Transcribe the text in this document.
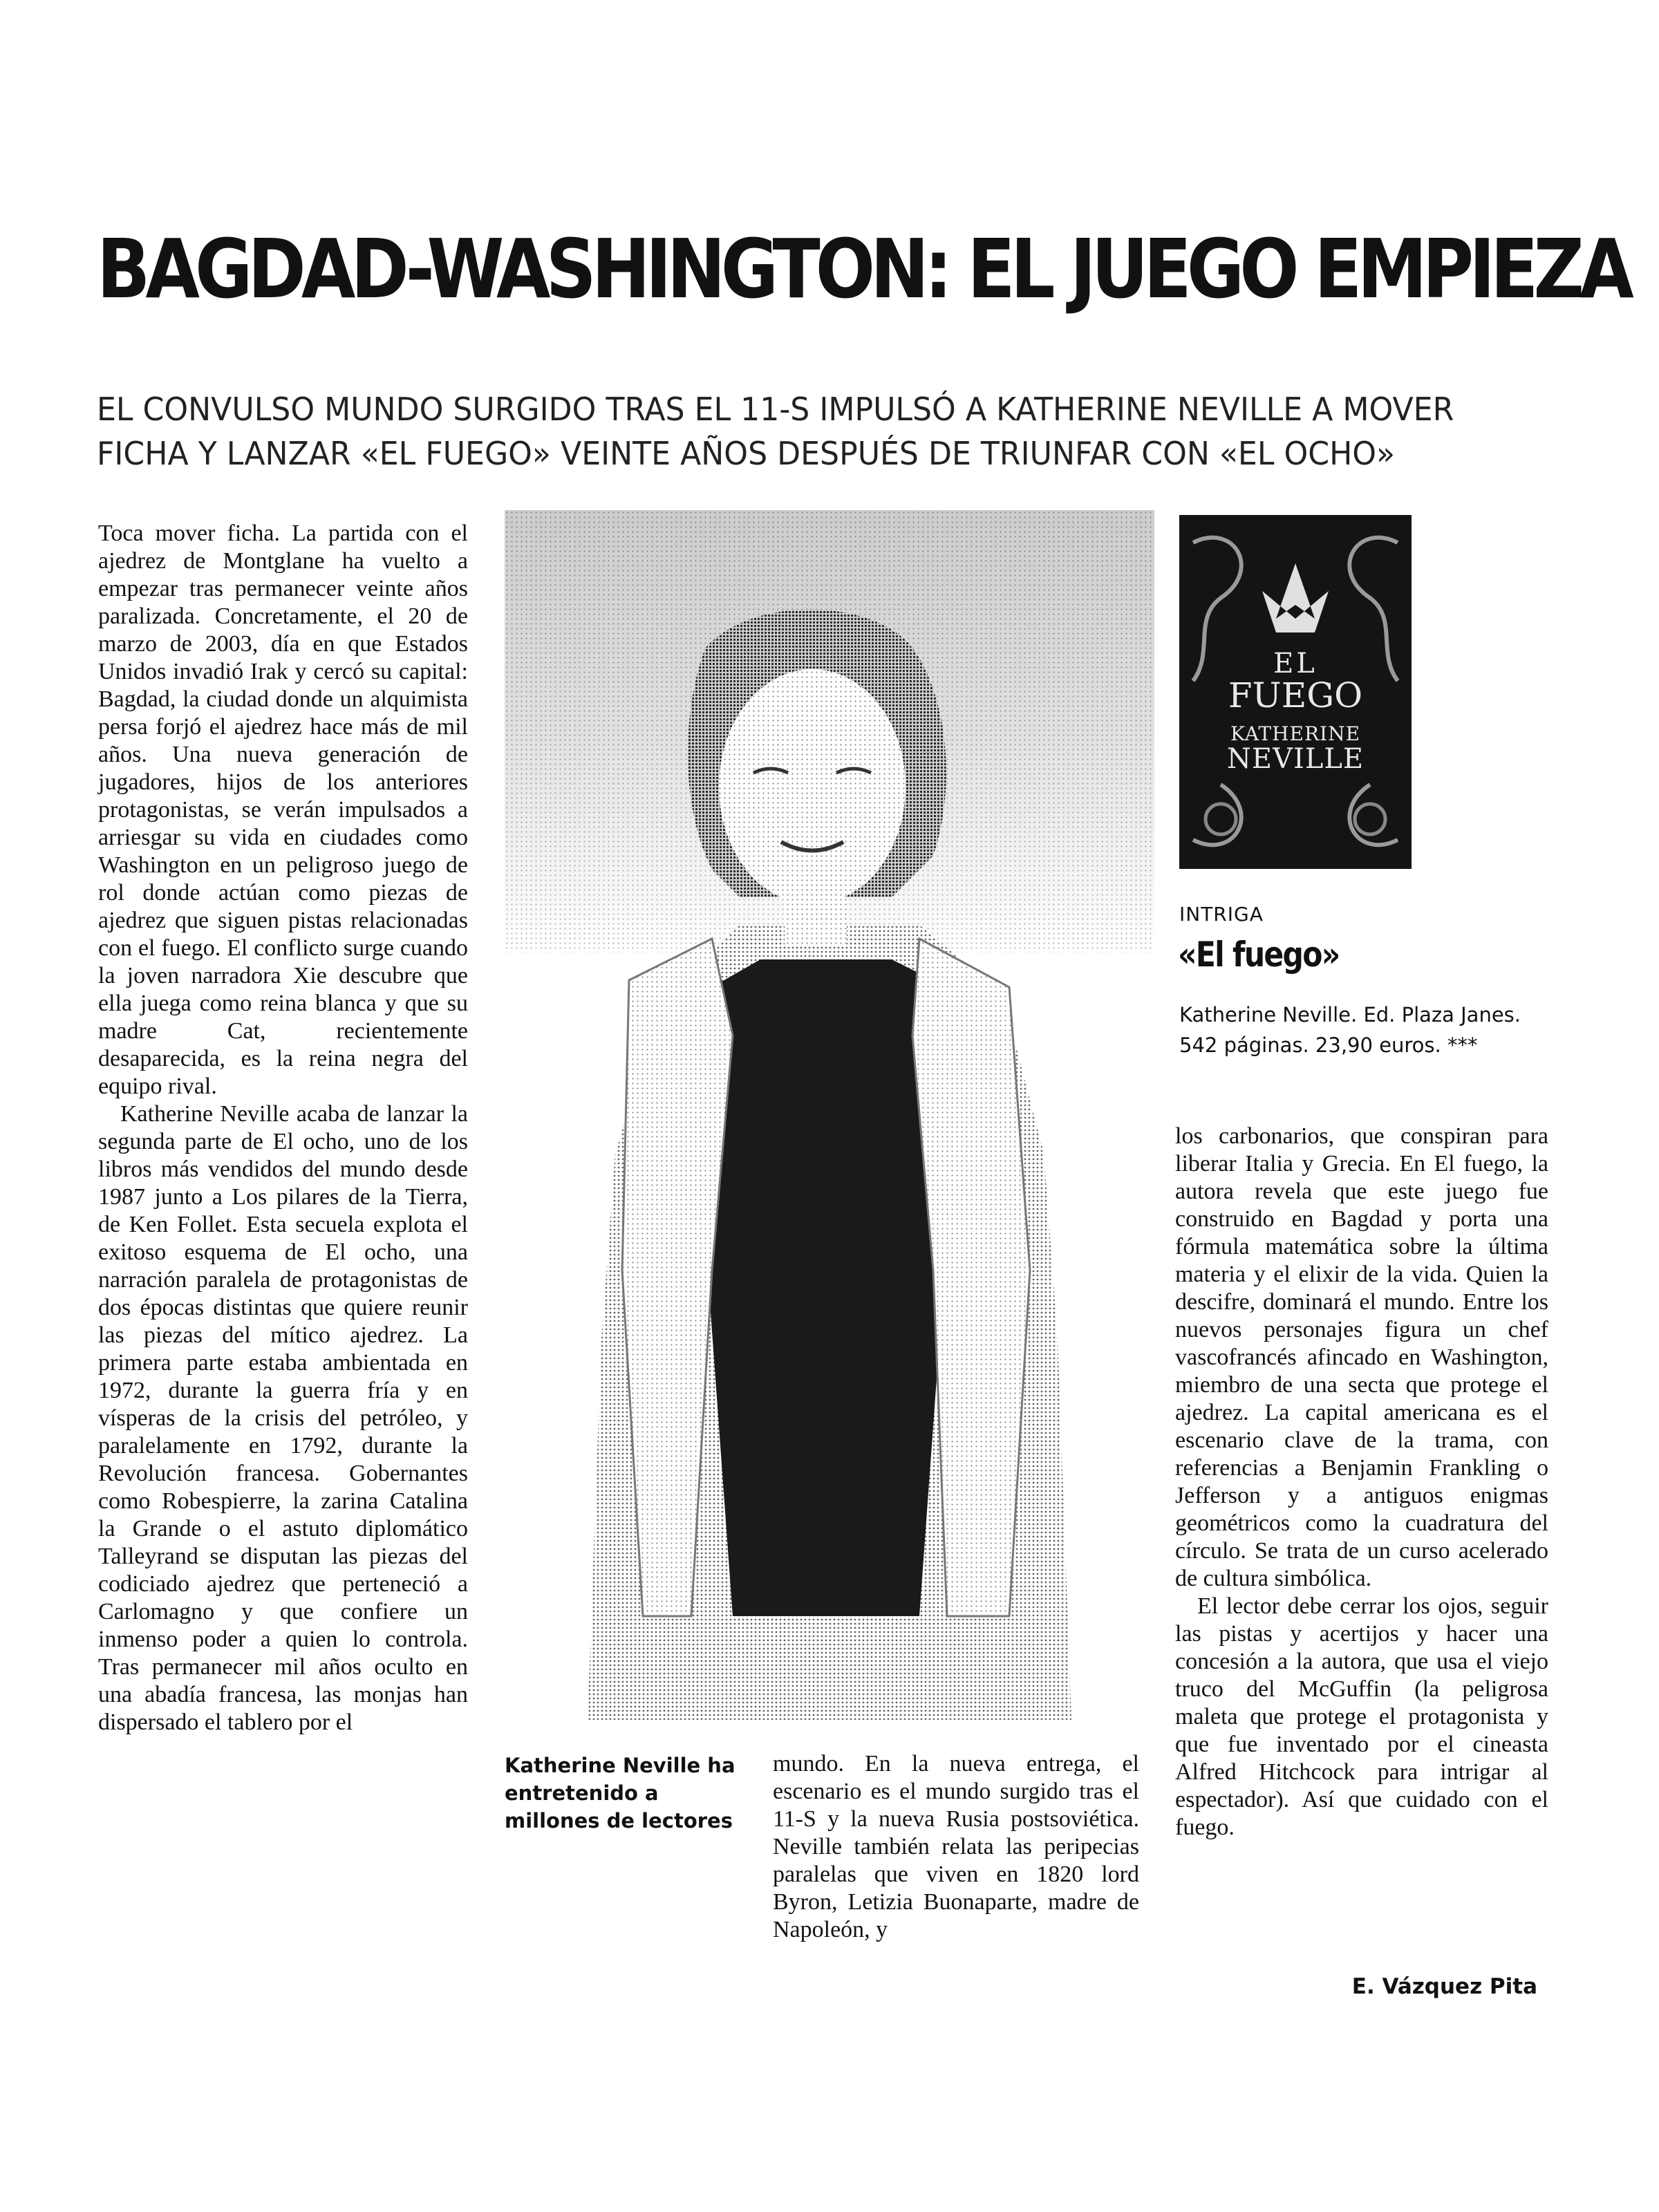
BAGDAD-WASHINGTON: EL JUEGO EMPIEZA

EL CONVULSO MUNDO SURGIDO TRAS EL 11-S IMPULSÓ A KATHERINE NEVILLE A MOVER FICHA Y LANZAR «EL FUEGO» VEINTE AÑOS DESPUÉS DE TRIUNFAR CON «EL OCHO»

Toca mover ficha. La partida con el ajedrez de Montglane ha vuelto a empezar tras permanecer veinte años paralizada. Concretamente, el 20 de marzo de 2003, día en que Estados Unidos invadió Irak y cercó su capital: Bagdad, la ciudad donde un alquimista persa forjó el ajedrez hace más de mil años. Una nueva generación de jugadores, hijos de los anteriores protagonistas, se verán impulsados a arriesgar su vida en ciudades como Washington en un peligroso juego de rol donde actúan como piezas de ajedrez que siguen pistas relacionadas con el fuego. El conflicto surge cuando la joven narradora Xie descubre que ella juega como reina blanca y que su madre Cat, recientemente desaparecida, es la reina negra del equipo rival.

Katherine Neville acaba de lanzar la segunda parte de El ocho, uno de los libros más vendidos del mundo desde 1987 junto a Los pilares de la Tierra, de Ken Follet. Esta secuela explota el exitoso esquema de El ocho, una narración paralela de protagonistas de dos épocas distintas que quiere reunir las piezas del mítico ajedrez. La primera parte estaba ambientada en 1972, durante la guerra fría y en vísperas de la crisis del petróleo, y paralelamente en 1792, durante la Revolución francesa. Gobernantes como Robespierre, la zarina Catalina la Grande o el astuto diplomático Talleyrand se disputan las piezas del codiciado ajedrez que perteneció a Carlomagno y que confiere un inmenso poder a quien lo controla. Tras permanecer mil años oculto en una abadía francesa, las monjas han dispersado el tablero por el

Katherine Neville ha entretenido a millones de lectores

mundo. En la nueva entrega, el escenario es el mundo surgido tras el 11-S y la nueva Rusia postsoviética. Neville también relata las peripecias paralelas que viven en 1820 lord Byron, Letizia Buonaparte, madre de Napoleón, y

EL
FUEGO
KATHERINE
NEVILLE
INTRIGA
«El fuego»
Katherine Neville. Ed. Plaza Janes.
542 páginas. 23,90 euros. ***

los carbonarios, que conspiran para liberar Italia y Grecia. En El fuego, la autora revela que este juego fue construido en Bagdad y porta una fórmula matemática sobre la última materia y el elixir de la vida. Quien la descifre, dominará el mundo. Entre los nuevos personajes figura un chef vascofrancés afincado en Washington, miembro de una secta que protege el ajedrez. La capital americana es el escenario clave de la trama, con referencias a Benjamin Frankling o Jefferson y a antiguos enigmas geométricos como la cuadratura del círculo. Se trata de un curso acelerado de cultura simbólica.

El lector debe cerrar los ojos, seguir las pistas y acertijos y hacer una concesión a la autora, que usa el viejo truco del McGuffin (la peligrosa maleta que protege el protagonista y que fue inventado por el cineasta Alfred Hitchcock para intrigar al espectador). Así que cuidado con el fuego.

E. Vázquez Pita
